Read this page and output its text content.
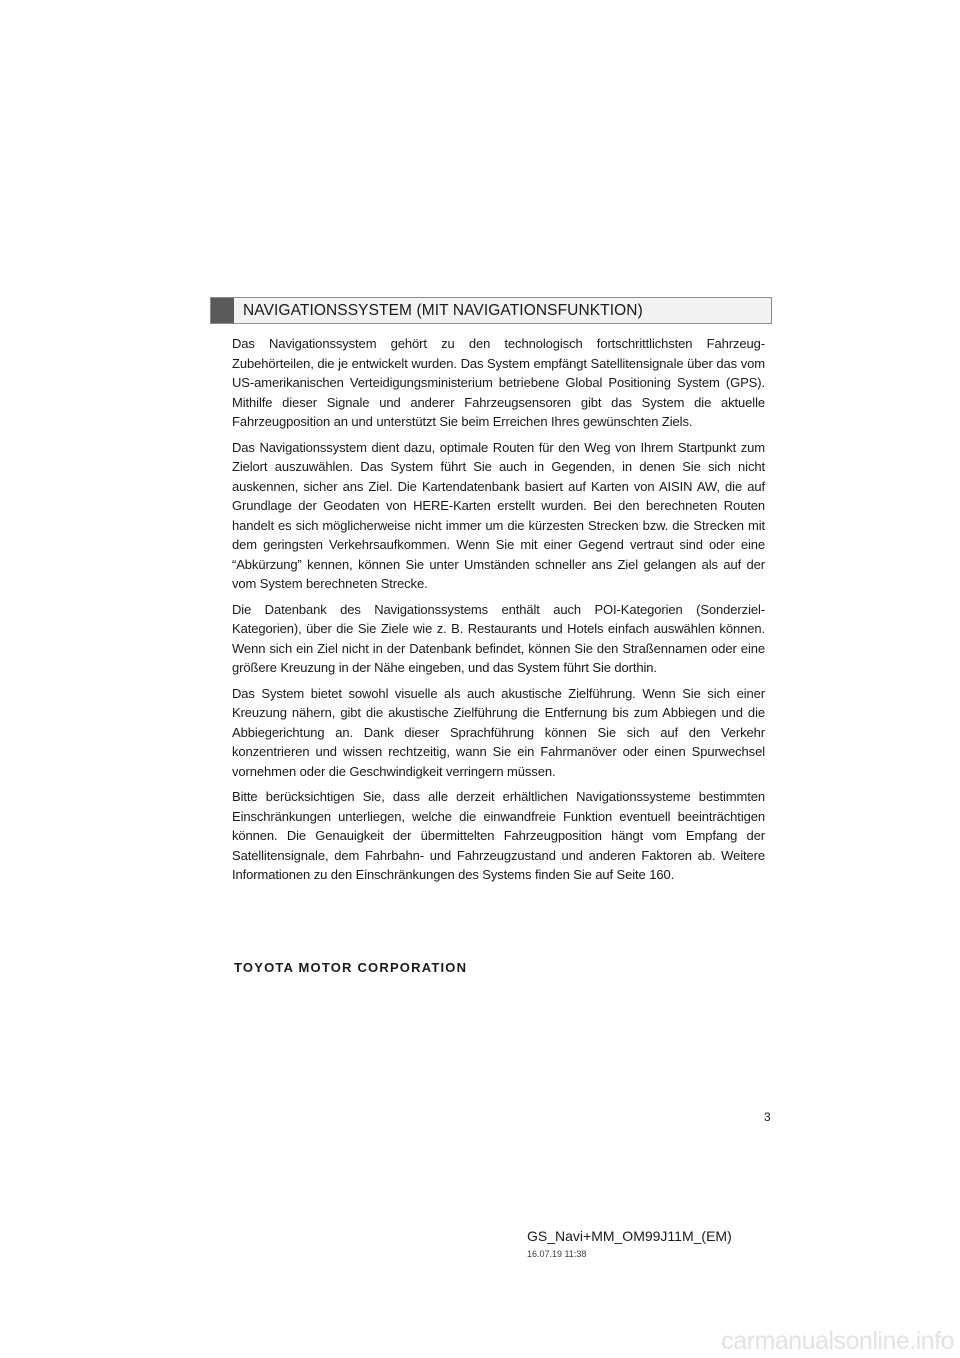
NAVIGATIONSSYSTEM (MIT NAVIGATIONSFUNKTION)

Das Navigationssystem gehört zu den technologisch fortschrittlichsten Fahrzeug-Zubehörteilen, die je entwickelt wurden. Das System empfängt Satellitensignale über das vom US-amerikanischen Verteidigungsministerium betriebene Global Positioning System (GPS). Mithilfe dieser Signale und anderer Fahrzeugsensoren gibt das System die aktuelle Fahrzeugposition an und unterstützt Sie beim Erreichen Ihres gewünschten Ziels.

Das Navigationssystem dient dazu, optimale Routen für den Weg von Ihrem Startpunkt zum Zielort auszuwählen. Das System führt Sie auch in Gegenden, in denen Sie sich nicht auskennen, sicher ans Ziel. Die Kartendatenbank basiert auf Karten von AISIN AW, die auf Grundlage der Geodaten von HERE-Karten erstellt wurden. Bei den berechneten Routen handelt es sich möglicherweise nicht immer um die kürzesten Strecken bzw. die Strecken mit dem geringsten Verkehrsaufkommen. Wenn Sie mit einer Gegend vertraut sind oder eine “Abkürzung” kennen, können Sie unter Umständen schneller ans Ziel gelangen als auf der vom System berechneten Strecke.

Die Datenbank des Navigationssystems enthält auch POI-Kategorien (Sonderziel-Kategorien), über die Sie Ziele wie z. B. Restaurants und Hotels einfach auswählen können. Wenn sich ein Ziel nicht in der Datenbank befindet, können Sie den Straßennamen oder eine größere Kreuzung in der Nähe eingeben, und das System führt Sie dorthin.

Das System bietet sowohl visuelle als auch akustische Zielführung. Wenn Sie sich einer Kreuzung nähern, gibt die akustische Zielführung die Entfernung bis zum Abbiegen und die Abbiegerichtung an. Dank dieser Sprachführung können Sie sich auf den Verkehr konzentrieren und wissen rechtzeitig, wann Sie ein Fahrmanöver oder einen Spurwechsel vornehmen oder die Geschwindigkeit verringern müssen.

Bitte berücksichtigen Sie, dass alle derzeit erhältlichen Navigationssysteme bestimmten Einschränkungen unterliegen, welche die einwandfreie Funktion eventuell beeinträchtigen können. Die Genauigkeit der übermittelten Fahrzeugposition hängt vom Empfang der Satellitensignale, dem Fahrbahn- und Fahrzeugzustand und anderen Faktoren ab. Weitere Informationen zu den Einschränkungen des Systems finden Sie auf Seite 160.

TOYOTA MOTOR CORPORATION
3
GS_Navi+MM_OM99J11M_(EM)
16.07.19 11:38
carmanualsonline.info
